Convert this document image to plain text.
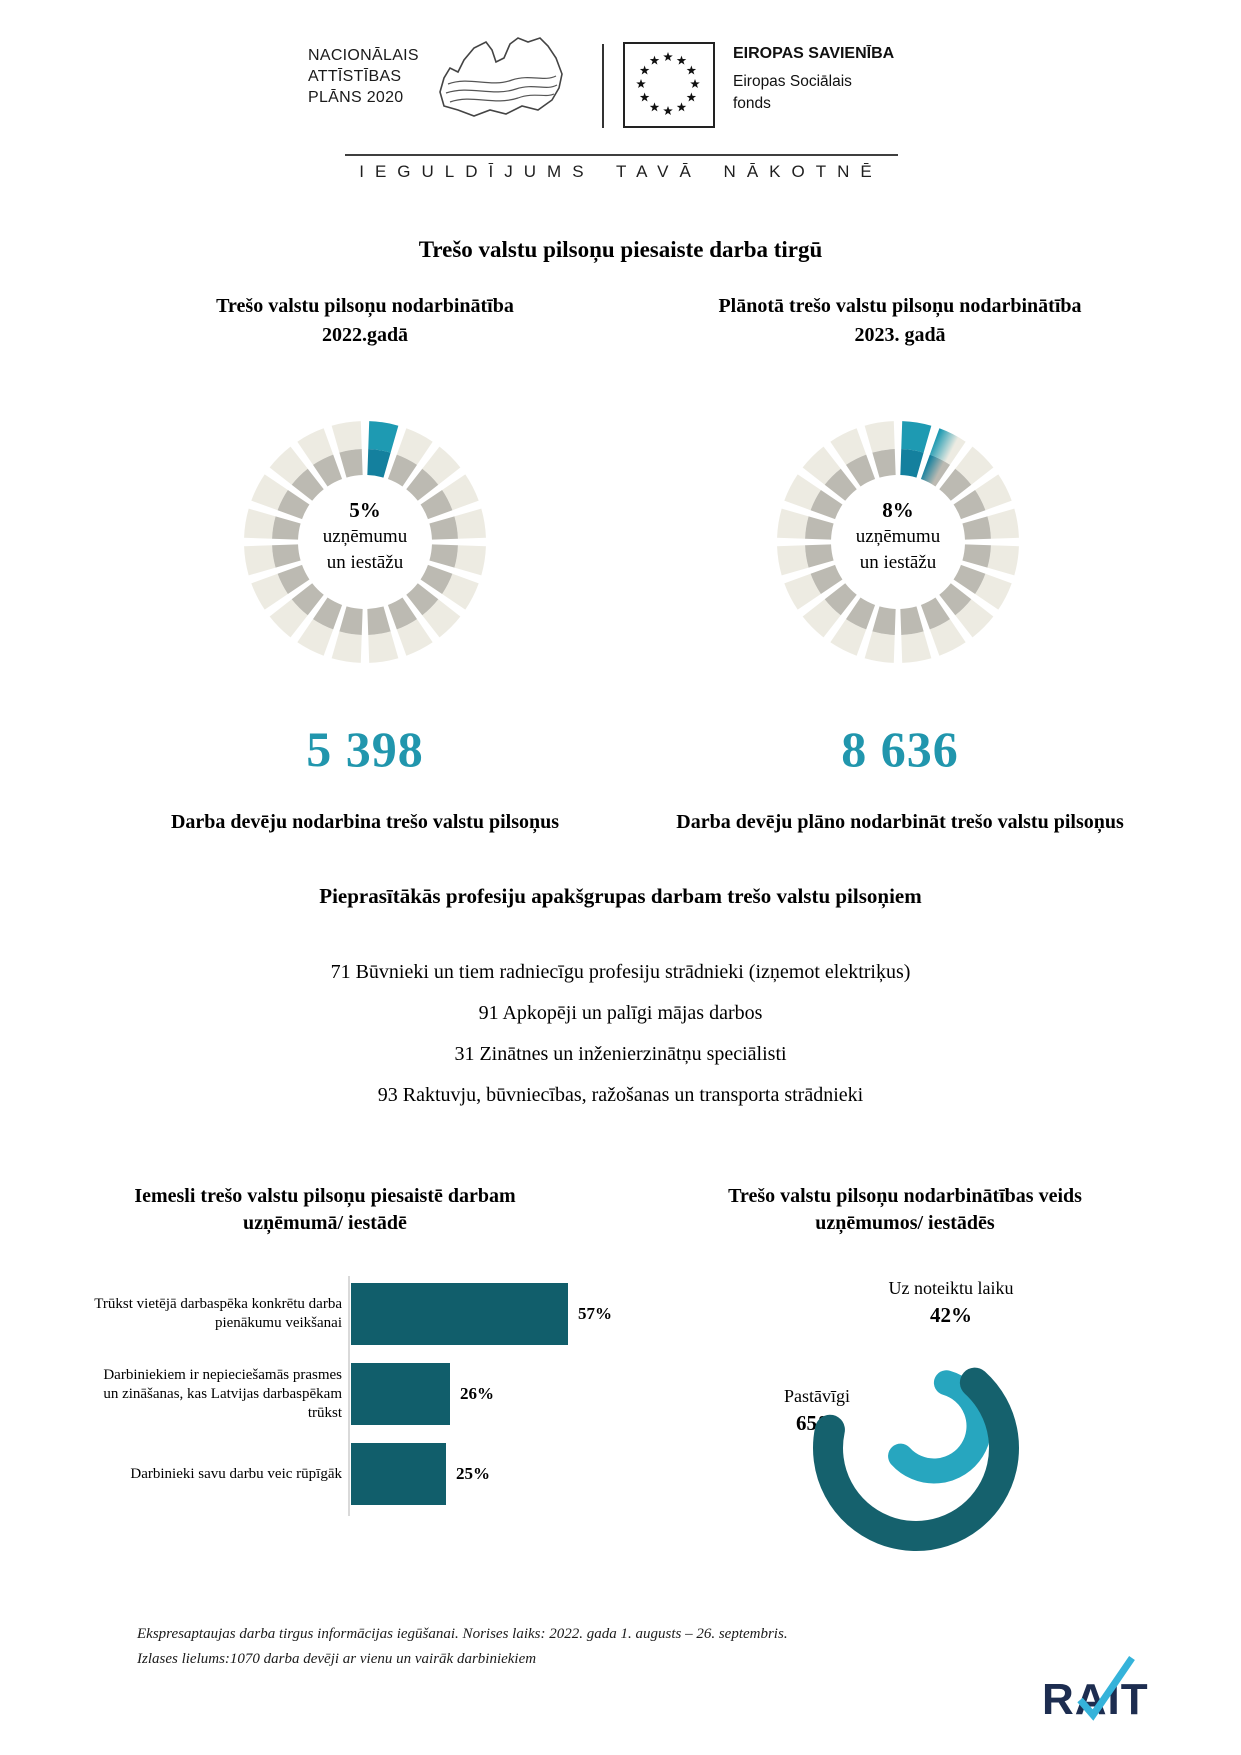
NACIONĀLAIS
ATTĪSTĪBAS
PLĀNS 2020
EIROPAS SAVIENĪBA
Eiropas Sociālais
fonds
IEGULDĪJUMS TAVĀ NĀKOTNĒ
Trešo valstu pilsoņu piesaiste darba tirgū
Trešo valstu pilsoņu nodarbinātība
2022.gadā
Plānotā trešo valstu pilsoņu nodarbinātība
2023. gadā
5%
uzņēmumu
un iestāžu
8%
uzņēmumu
un iestāžu
5 398	8 636
Darba devēju nodarbina trešo valstu pilsoņus	Darba devēju plāno nodarbināt trešo valstu pilsoņus
Pieprasītākās profesiju apakšgrupas darbam trešo valstu pilsoņiem
71 Būvnieki un tiem radniecīgu profesiju strādnieki (izņemot elektriķus)
91 Apkopēji un palīgi mājas darbos
31 Zinātnes un inženierzinātņu speciālisti
93 Raktuvju, būvniecības, ražošanas un transporta strādnieki
Iemesli trešo valstu pilsoņu piesaistē darbam
uzņēmumā/ iestādē
Trešo valstu pilsoņu nodarbinātības veids
uzņēmumos/ iestādēs
Trūkst vietējā darbaspēka konkrētu darba pienākumu veikšanai
Darbiniekiem ir nepieciešamās prasmes un zināšanas, kas Latvijas darbaspēkam trūkst
Darbinieki savu darbu veic rūpīgāk
57%
26%
25%
Uz noteiktu laiku
42%
Pastāvīgi
65%
Ekspresaptaujas darba tirgus informācijas iegūšanai. Norises laiks: 2022. gada 1. augusts – 26. septembris.
Izlases lielums:1070 darba devēji ar vienu un vairāk darbiniekiem
RAIT
